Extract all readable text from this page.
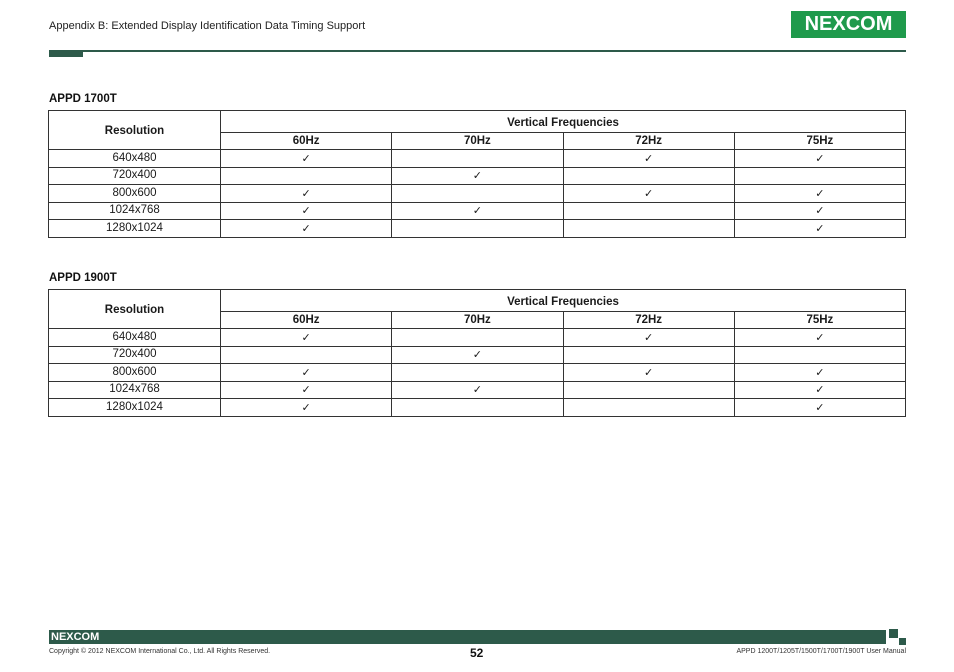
Appendix B: Extended Display Identification Data Timing Support	NEXCOM
APPD 1700T
Resolution	Vertical Frequencies			
	60Hz	70Hz	72Hz	75Hz
640x480	✓		✓	✓
720x400		✓		
800x600	✓		✓	✓
1024x768	✓	✓		✓
1280x1024	✓			✓
APPD 1900T
Resolution	Vertical Frequencies			
	60Hz	70Hz	72Hz	75Hz
640x480	✓		✓	✓
720x400		✓		
800x600	✓		✓	✓
1024x768	✓	✓		✓
1280x1024	✓			✓
NEXCOM
Copyright © 2012 NEXCOM International Co., Ltd. All Rights Reserved.	52	APPD 1200T/1205T/1500T/1700T/1900T User Manual
